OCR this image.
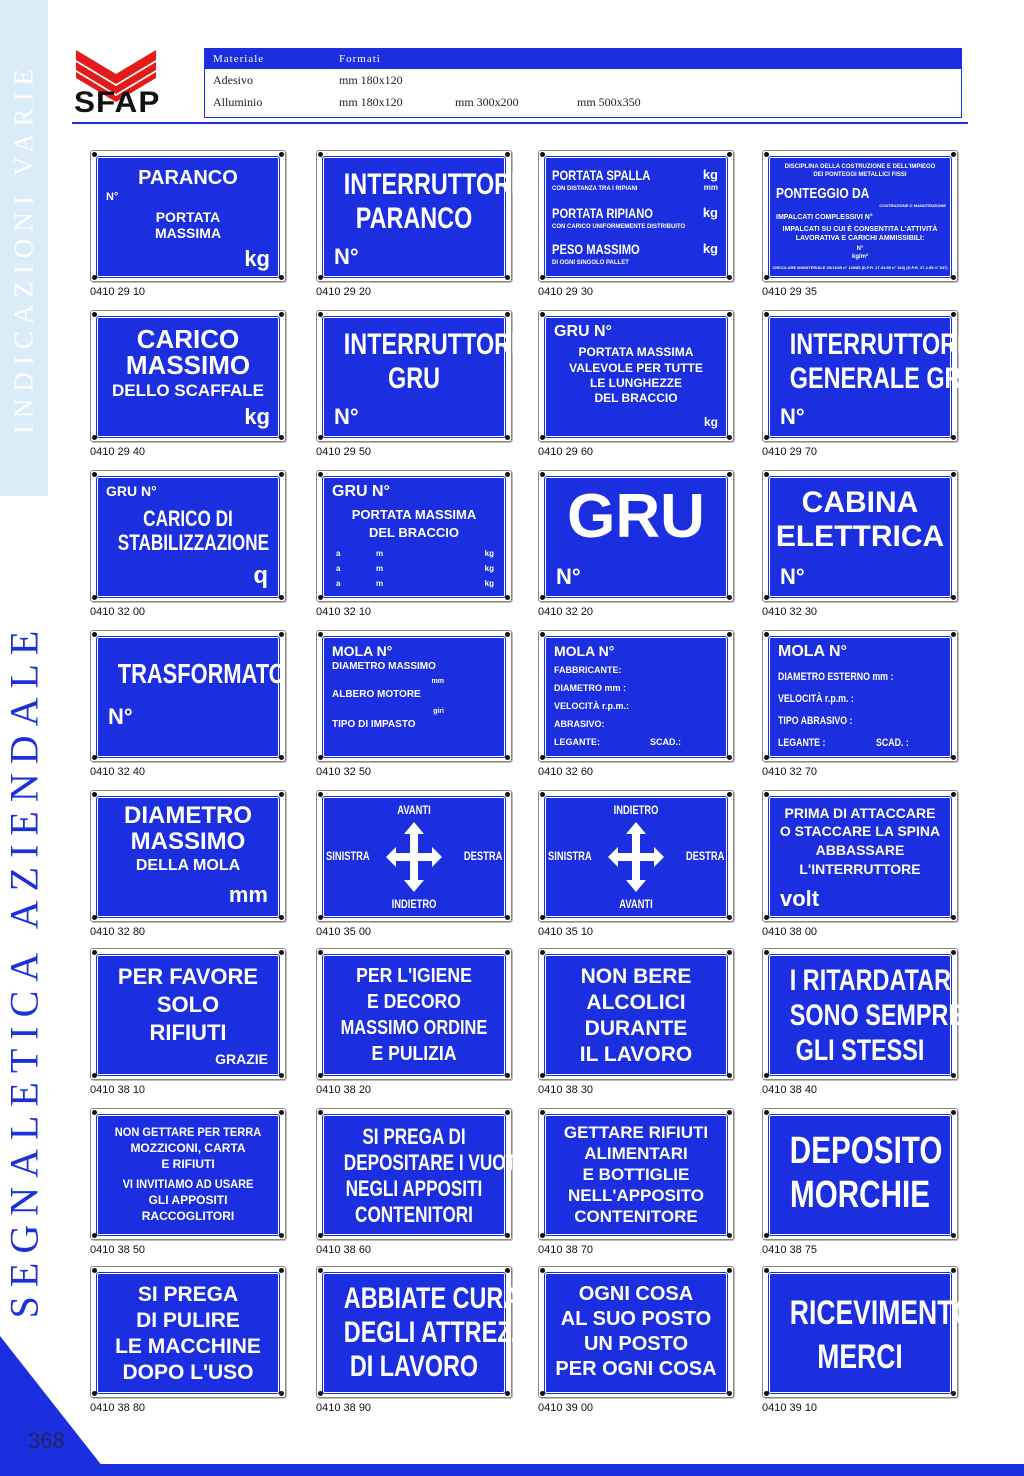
INDICAZIONI VARIE
SEGNALETICA AZIENDALE
368
SFAP
Materiale	Formati
Adesivo	mm 180x120
Alluminio	mm 180x120	mm 300x200	mm 500x350
PARANCO
N°
PORTATA
MASSIMA
kg
0410 29 10
INTERRUTTORE
PARANCO
N°
0410 29 20
PORTATA SPALLA	kg
CON DISTANZA TRA I RIPIANI	mm
PORTATA RIPIANO	kg
CON CARICO UNIFORMEMENTE DISTRIBUITO
PESO MASSIMO	kg
DI OGNI SINGOLO PALLET
0410 29 30
DISCIPLINA DELLA COSTRUZIONE E DELL'IMPIEGO
DEI PONTEGGI METALLICI FISSI
PONTEGGIO DA
COSTRUZIONE O MANUTENZIONE
IMPALCATI COMPLESSIVI N°
IMPALCATI SU CUI È CONSENTITA L'ATTIVITÀ
LAVORATIVA E CARICHI AMMISSIBILI:
N°
kg/m²
CIRCOLARE MINISTERIALE 20/11/85 n° 149/85 (D.P.R. 27.04.55 n° 164) (D.P.R. 27.4.55 n° 547)
0410 29 35
CARICO
MASSIMO
DELLO SCAFFALE
kg
0410 29 40
INTERRUTTORE
GRU
N°
0410 29 50
GRU N°
PORTATA MASSIMA
VALEVOLE PER TUTTE
LE LUNGHEZZE
DEL BRACCIO
kg
0410 29 60
INTERRUTTORE
GENERALE GRU
N°
0410 29 70
GRU N°
CARICO DI
STABILIZZAZIONE
q
0410 32 00
GRU N°
PORTATA MASSIMA
DEL BRACCIO
a	m	kg
a	m	kg
a	m	kg
0410 32 10
GRU
N°
0410 32 20
CABINA
ELETTRICA
N°
0410 32 30
TRASFORMATORE
N°
0410 32 40
MOLA N°
DIAMETRO MASSIMO
mm
ALBERO MOTORE
giri
TIPO DI IMPASTO
0410 32 50
MOLA N°
FABBRICANTE:
DIAMETRO mm :
VELOCITÀ r.p.m.:
ABRASIVO:
LEGANTE:	SCAD.:
0410 32 60
MOLA N°
DIAMETRO ESTERNO mm :
VELOCITÀ r.p.m. :
TIPO ABRASIVO :
LEGANTE :	SCAD. :
0410 32 70
DIAMETRO
MASSIMO
DELLA MOLA
mm
0410 32 80
AVANTI
SINISTRA	DESTRA
INDIETRO
0410 35 00
INDIETRO
SINISTRA	DESTRA
AVANTI
0410 35 10
PRIMA DI ATTACCARE
O STACCARE LA SPINA
ABBASSARE
L'INTERRUTTORE
volt
0410 38 00
PER FAVORE
SOLO
RIFIUTI
GRAZIE
0410 38 10
PER L'IGIENE
E DECORO
MASSIMO ORDINE
E PULIZIA
0410 38 20
NON BERE
ALCOLICI
DURANTE
IL LAVORO
0410 38 30
I RITARDATARI
SONO SEMPRE
GLI STESSI
0410 38 40
NON GETTARE PER TERRA
MOZZICONI, CARTA
E RIFIUTI
VI INVITIAMO AD USARE
GLI APPOSITI
RACCOGLITORI
0410 38 50
SI PREGA DI
DEPOSITARE I VUOTI
NEGLI APPOSITI
CONTENITORI
0410 38 60
GETTARE RIFIUTI
ALIMENTARI
E BOTTIGLIE
NELL'APPOSITO
CONTENITORE
0410 38 70
DEPOSITO
MORCHIE
0410 38 75
SI PREGA
DI PULIRE
LE MACCHINE
DOPO L'USO
0410 38 80
ABBIATE CURA
DEGLI ATTREZZI
DI LAVORO
0410 38 90
OGNI COSA
AL SUO POSTO
UN POSTO
PER OGNI COSA
0410 39 00
RICEVIMENTO
MERCI
0410 39 10
